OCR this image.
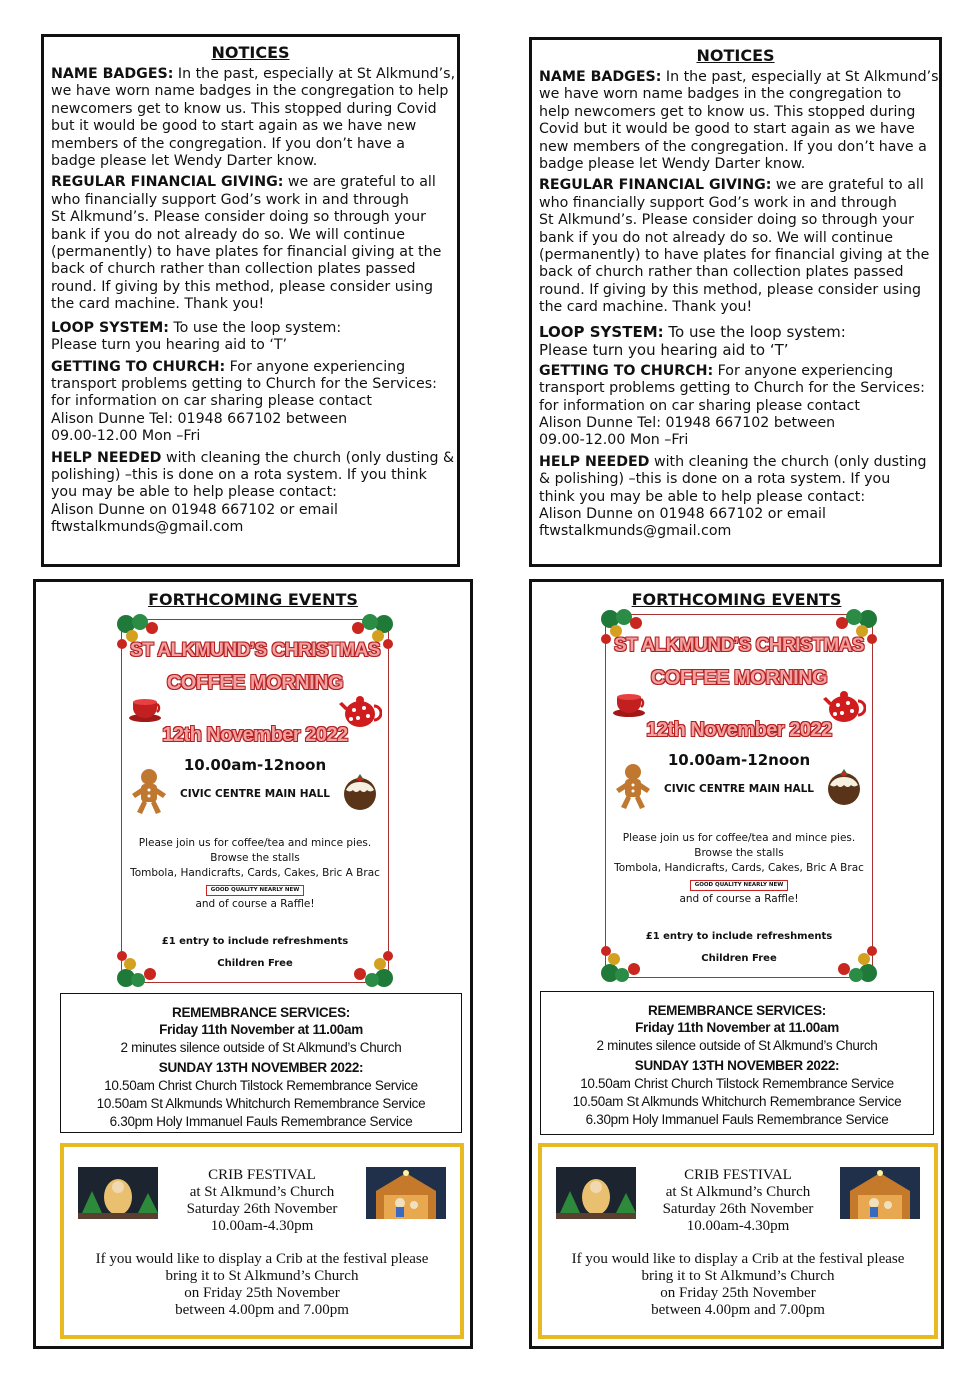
NOTICES
NAME BADGES: In the past, especially at St Alkmund’s,
we have worn name badges in the congregation to help
newcomers get to know us. This stopped during Covid
but it would be good to start again as we have new
members of the congregation. If you don’t have a
badge please let Wendy Darter know.
REGULAR FINANCIAL GIVING: we are grateful to all
who financially support God’s work in and through
St Alkmund’s. Please consider doing so through your
bank if you do not already do so. We will continue
(permanently) to have plates for financial giving at the
back of church rather than collection plates passed
round. If giving by this method, please consider using
the card machine. Thank you!
LOOP SYSTEM: To use the loop system:
Please turn you hearing aid to ‘T’
GETTING TO CHURCH: For anyone experiencing
transport problems getting to Church for the Services:
for information on car sharing please contact
Alison Dunne Tel: 01948 667102 between
09.00-12.00 Mon –Fri
HELP NEEDED with cleaning the church (only dusting &
polishing) –this is done on a rota system. If you think
you may be able to help please contact:
Alison Dunne on 01948 667102 or email
ftwstalkmunds@gmail.com
NOTICES
NAME BADGES: In the past, especially at St Alkmund’s,
we have worn name badges in the congregation to
help newcomers get to know us. This stopped during
Covid but it would be good to start again as we have
new members of the congregation. If you don’t have a
badge please let Wendy Darter know.
REGULAR FINANCIAL GIVING: we are grateful to all
who financially support God’s work in and through
St Alkmund’s. Please consider doing so through your
bank if you do not already do so. We will continue
(permanently) to have plates for financial giving at the
back of church rather than collection plates passed
round. If giving by this method, please consider using
the card machine. Thank you!
LOOP SYSTEM: To use the loop system:
Please turn you hearing aid to ‘T’
GETTING TO CHURCH: For anyone experiencing
transport problems getting to Church for the Services:
for information on car sharing please contact
Alison Dunne Tel: 01948 667102 between
09.00-12.00 Mon –Fri
HELP NEEDED with cleaning the church (only dusting
& polishing) –this is done on a rota system. If you
think you may be able to help please contact:
Alison Dunne on 01948 667102 or email
ftwstalkmunds@gmail.com
FORTHCOMING EVENTS
ST ALKMUND’S CHRISTMAS
COFFEE MORNING
12th November 2022
10.00am-12noon
CIVIC CENTRE MAIN HALL
Please join us for coffee/tea and mince pies.
Browse the stalls
Tombola, Handicrafts, Cards, Cakes, Bric A Brac
GOOD QUALITY NEARLY NEW
and of course a Raffle!
£1 entry to include refreshments
Children Free
REMEMBRANCE SERVICES:
Friday 11th November at 11.00am
2 minutes silence outside of St Alkmund’s Church
SUNDAY 13TH NOVEMBER 2022:
10.50am Christ Church Tilstock Remembrance Service
10.50am St Alkmunds Whitchurch Remembrance Service
6.30pm Holy Immanuel Fauls Remembrance Service
CRIB FESTIVAL
at St Alkmund’s Church
Saturday 26th November
10.00am-4.30pm
If you would like to display a Crib at the festival please
bring it to St Alkmund’s Church
on Friday 25th November
between 4.00pm and 7.00pm
FORTHCOMING EVENTS
ST ALKMUND’S CHRISTMAS
COFFEE MORNING
12th November 2022
10.00am-12noon
CIVIC CENTRE MAIN HALL
Please join us for coffee/tea and mince pies.
Browse the stalls
Tombola, Handicrafts, Cards, Cakes, Bric A Brac
GOOD QUALITY NEARLY NEW
and of course a Raffle!
£1 entry to include refreshments
Children Free
REMEMBRANCE SERVICES:
Friday 11th November at 11.00am
2 minutes silence outside of St Alkmund’s Church
SUNDAY 13TH NOVEMBER 2022:
10.50am Christ Church Tilstock Remembrance Service
10.50am St Alkmunds Whitchurch Remembrance Service
6.30pm Holy Immanuel Fauls Remembrance Service
CRIB FESTIVAL
at St Alkmund’s Church
Saturday 26th November
10.00am-4.30pm
If you would like to display a Crib at the festival please
bring it to St Alkmund’s Church
on Friday 25th November
between 4.00pm and 7.00pm
